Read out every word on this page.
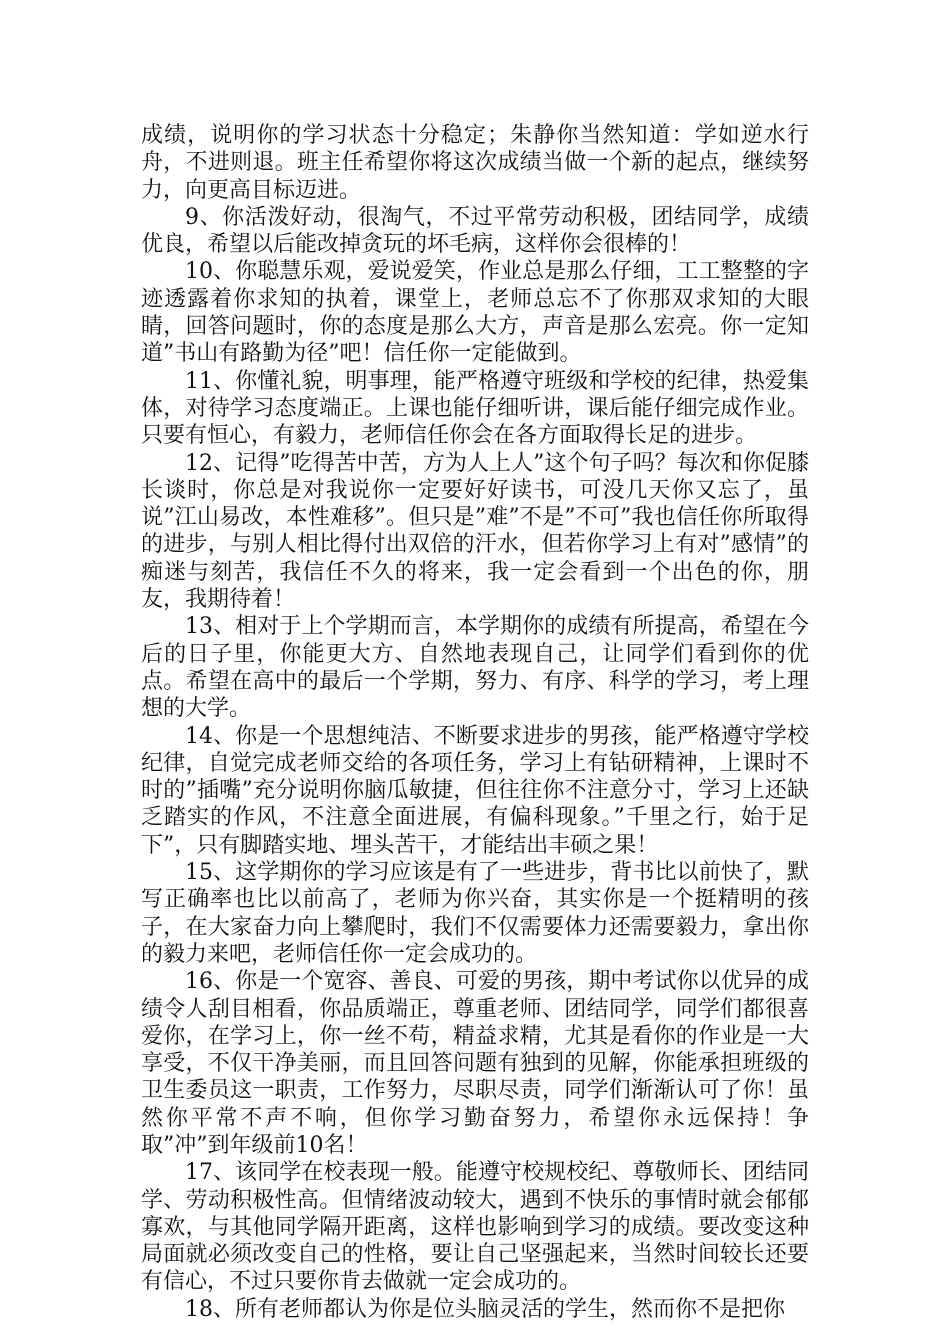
成绩，说明你的学习状态十分稳定；朱静你当然知道：学如逆水行舟，不进则退。班主任希望你将这次成绩当做一个新的起点，继续努力，向更高目标迈进。

9、你活泼好动，很淘气，不过平常劳动积极，团结同学，成绩优良，希望以后能改掉贪玩的坏毛病，这样你会很棒的！

10、你聪慧乐观，爱说爱笑，作业总是那么仔细，工工整整的字迹透露着你求知的执着，课堂上，老师总忘不了你那双求知的大眼睛，回答问题时，你的态度是那么大方，声音是那么宏亮。你一定知道”书山有路勤为径”吧！信任你一定能做到。

11、你懂礼貌，明事理，能严格遵守班级和学校的纪律，热爱集体，对待学习态度端正。上课也能仔细听讲，课后能仔细完成作业。只要有恒心，有毅力，老师信任你会在各方面取得长足的进步。

12、记得”吃得苦中苦，方为人上人”这个句子吗？每次和你促膝长谈时，你总是对我说你一定要好好读书，可没几天你又忘了，虽说”江山易改，本性难移”。但只是”难”不是”不可”我也信任你所取得的进步，与别人相比得付出双倍的汗水，但若你学习上有对”感情”的痴迷与刻苦，我信任不久的将来，我一定会看到一个出色的你，朋友，我期待着！

13、相对于上个学期而言，本学期你的成绩有所提高，希望在今后的日子里，你能更大方、自然地表现自己，让同学们看到你的优点。希望在高中的最后一个学期，努力、有序、科学的学习，考上理想的大学。

14、你是一个思想纯洁、不断要求进步的男孩，能严格遵守学校纪律，自觉完成老师交给的各项任务，学习上有钻研精神，上课时不时的”插嘴”充分说明你脑瓜敏捷，但往往你不注意分寸，学习上还缺乏踏实的作风，不注意全面进展，有偏科现象。”千里之行，始于足下”，只有脚踏实地、埋头苦干，才能结出丰硕之果！

15、这学期你的学习应该是有了一些进步，背书比以前快了，默写正确率也比以前高了，老师为你兴奋，其实你是一个挺精明的孩子，在大家奋力向上攀爬时，我们不仅需要体力还需要毅力，拿出你的毅力来吧，老师信任你一定会成功的。

16、你是一个宽容、善良、可爱的男孩，期中考试你以优异的成绩令人刮目相看，你品质端正，尊重老师、团结同学，同学们都很喜爱你，在学习上，你一丝不苟，精益求精，尤其是看你的作业是一大享受，不仅干净美丽，而且回答问题有独到的见解，你能承担班级的卫生委员这一职责，工作努力，尽职尽责，同学们渐渐认可了你！虽然你平常不声不响，但你学习勤奋努力，希望你永远保持！争取”冲”到年级前10名！

17、该同学在校表现一般。能遵守校规校纪、尊敬师长、团结同学、劳动积极性高。但情绪波动较大，遇到不快乐的事情时就会郁郁寡欢，与其他同学隔开距离，这样也影响到学习的成绩。要改变这种局面就必须改变自己的性格，要让自己坚强起来，当然时间较长还要有信心，不过只要你肯去做就一定会成功的。

18、所有老师都认为你是位头脑灵活的学生，然而你不是把你
